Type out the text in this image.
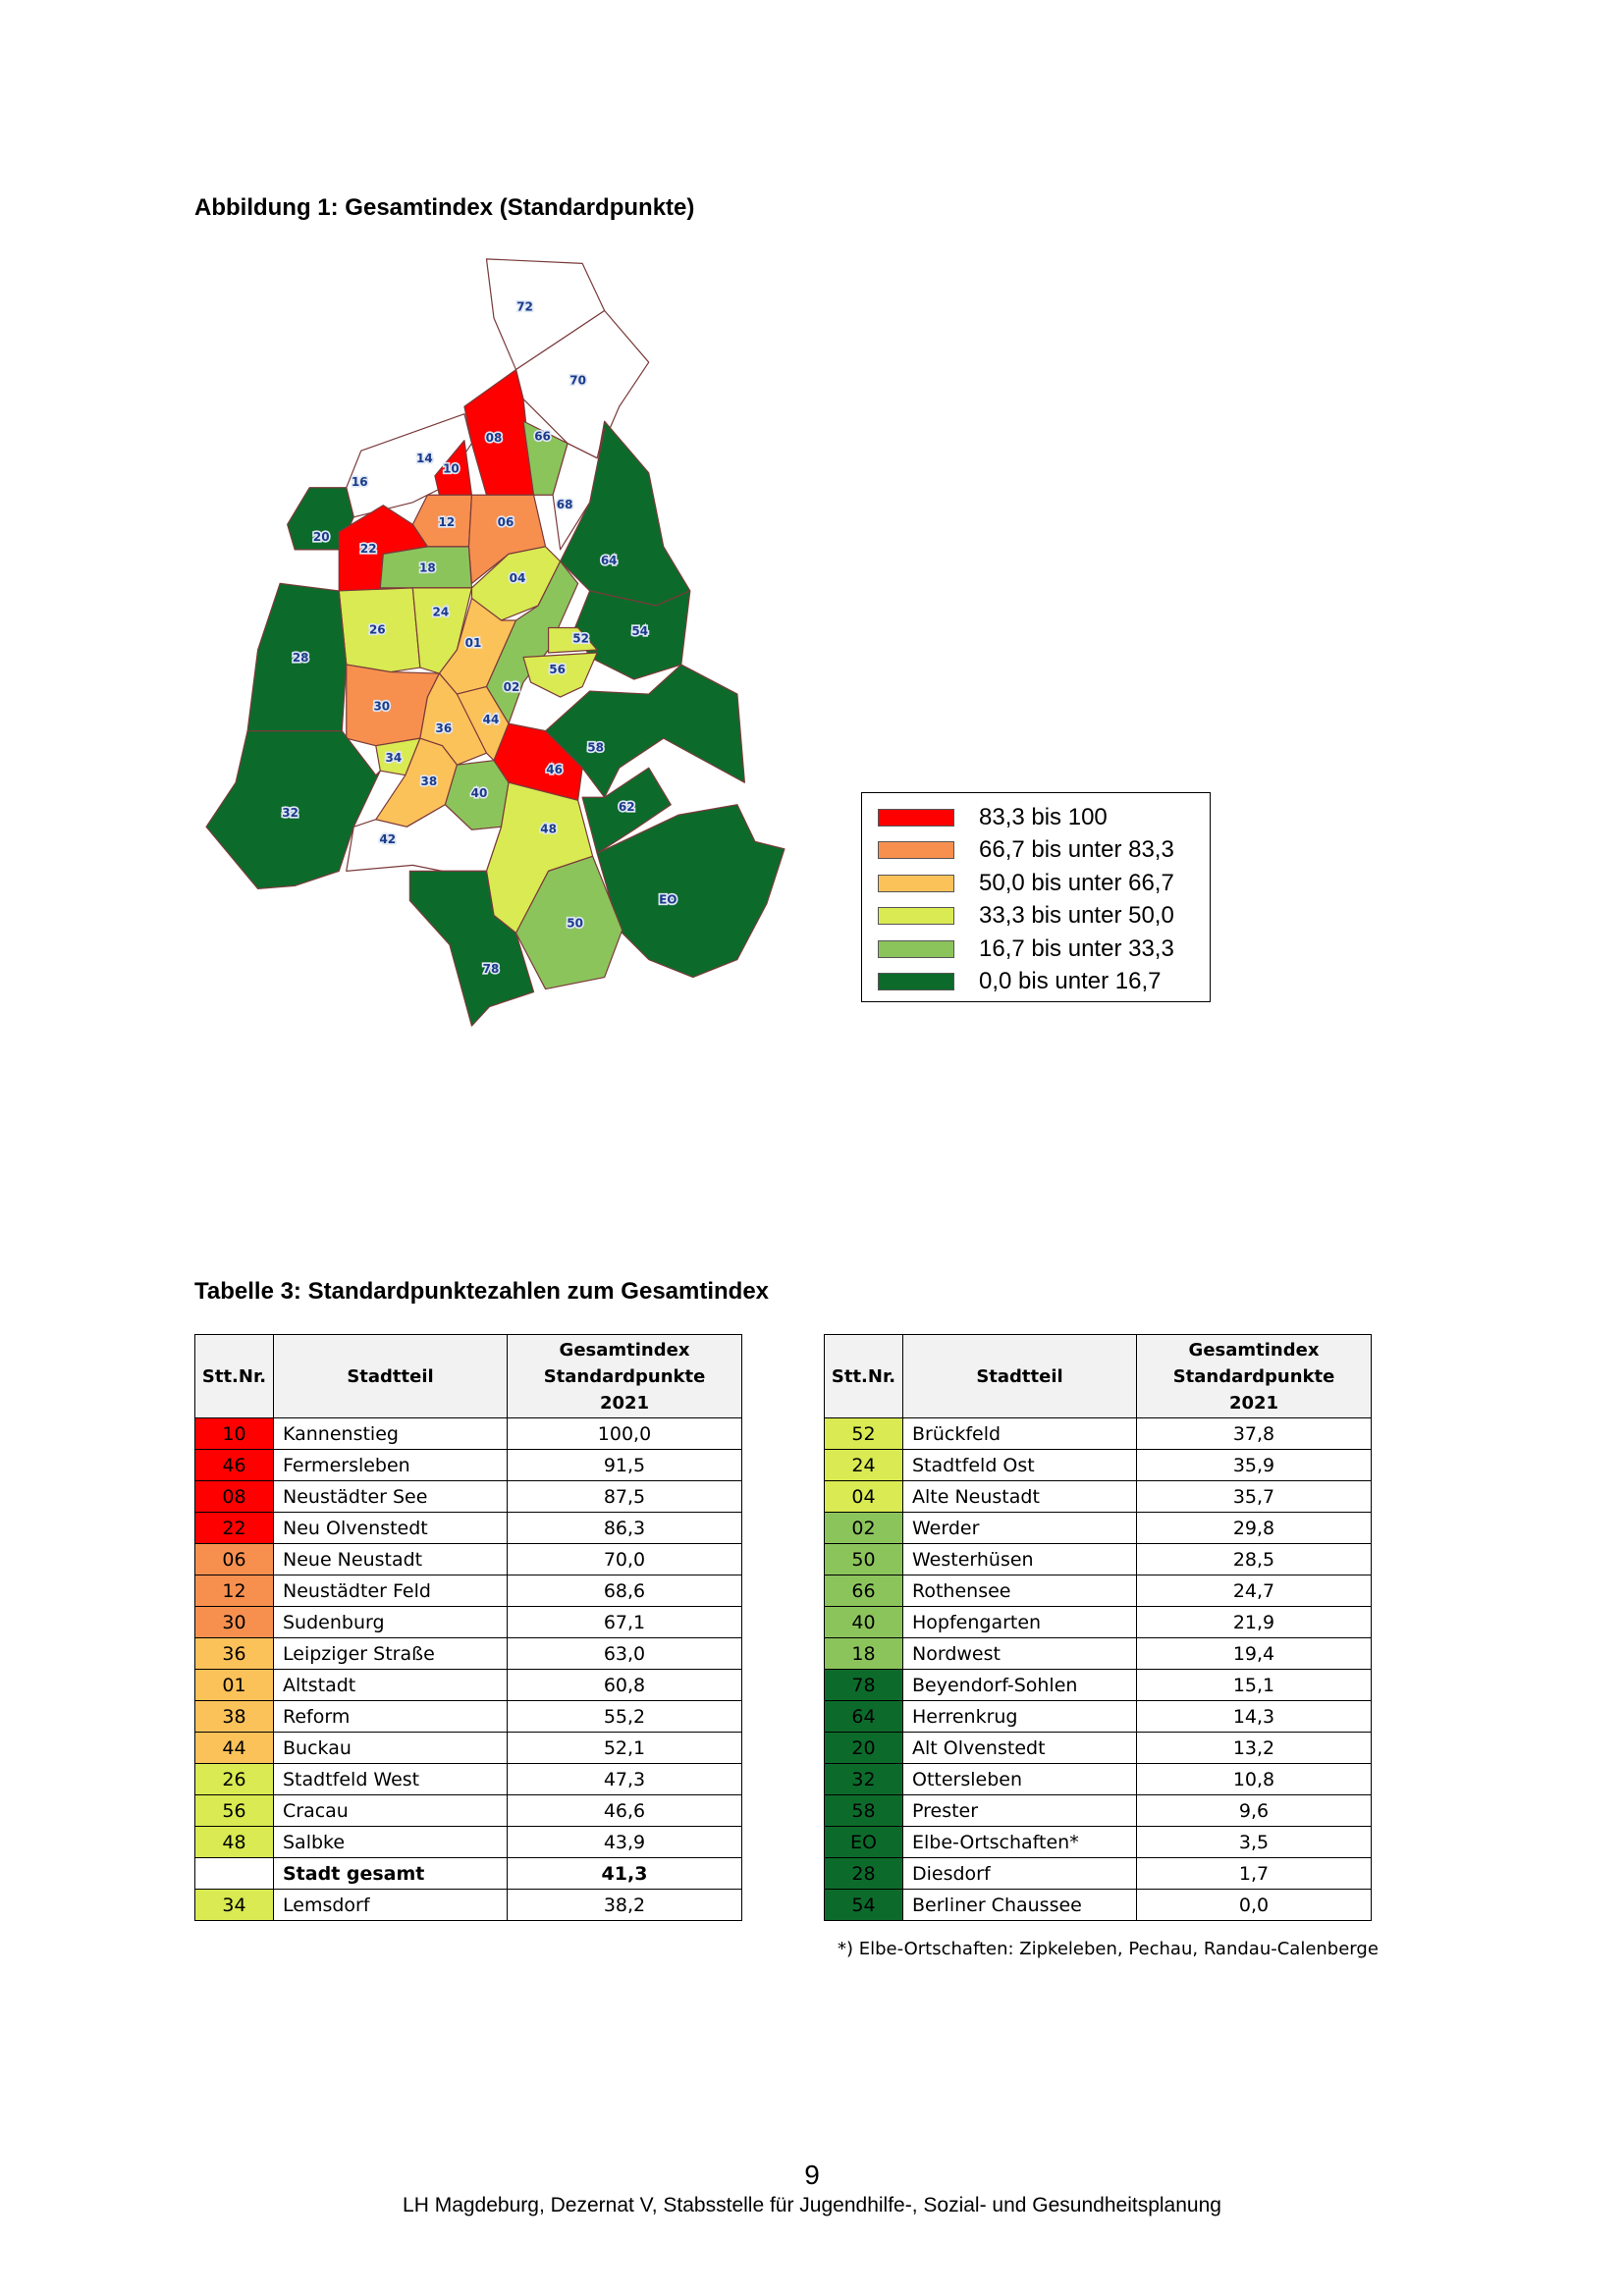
Abbildung 1: Gesamtindex (Standardpunkte)
72
70
08	66
68
64
14
16
10
12	06
20
22
18
04
26
24
01
02
52
56
54
28
30
36
44
34
38
40
46
48
50
58
62
EO
32
42
78
83,3 bis 100
66,7 bis unter 83,3
50,0 bis unter 66,7
33,3 bis unter 50,0
16,7 bis unter 33,3
0,0 bis unter 16,7
Tabelle 3: Standardpunktezahlen zum Gesamtindex
Stt.Nr.	Stadtteil	Gesamtindex
Standardpunkte
2021

10	Kannenstieg	100,0
46	Fermersleben	91,5
08	Neustädter See	87,5
22	Neu Olvenstedt	86,3
06	Neue Neustadt	70,0
12	Neustädter Feld	68,6
30	Sudenburg	67,1
36	Leipziger Straße	63,0
01	Altstadt	60,8
38	Reform	55,2
44	Buckau	52,1
26	Stadtfeld West	47,3
56	Cracau	46,6
48	Salbke	43,9
	Stadt gesamt	41,3
34	Lemsdorf	38,2
Stt.Nr.	Stadtteil	Gesamtindex
Standardpunkte
2021

52	Brückfeld	37,8
24	Stadtfeld Ost	35,9
04	Alte Neustadt	35,7
02	Werder	29,8
50	Westerhüsen	28,5
66	Rothensee	24,7
40	Hopfengarten	21,9
18	Nordwest	19,4
78	Beyendorf-Sohlen	15,1
64	Herrenkrug	14,3
20	Alt Olvenstedt	13,2
32	Ottersleben	10,8
58	Prester	9,6
EO	Elbe-Ortschaften*	3,5
28	Diesdorf	1,7
54	Berliner Chaussee	0,0
*) Elbe-Ortschaften: Zipkeleben, Pechau, Randau-Calenberge
9
LH Magdeburg, Dezernat V, Stabsstelle für Jugendhilfe-, Sozial- und Gesundheitsplanung
